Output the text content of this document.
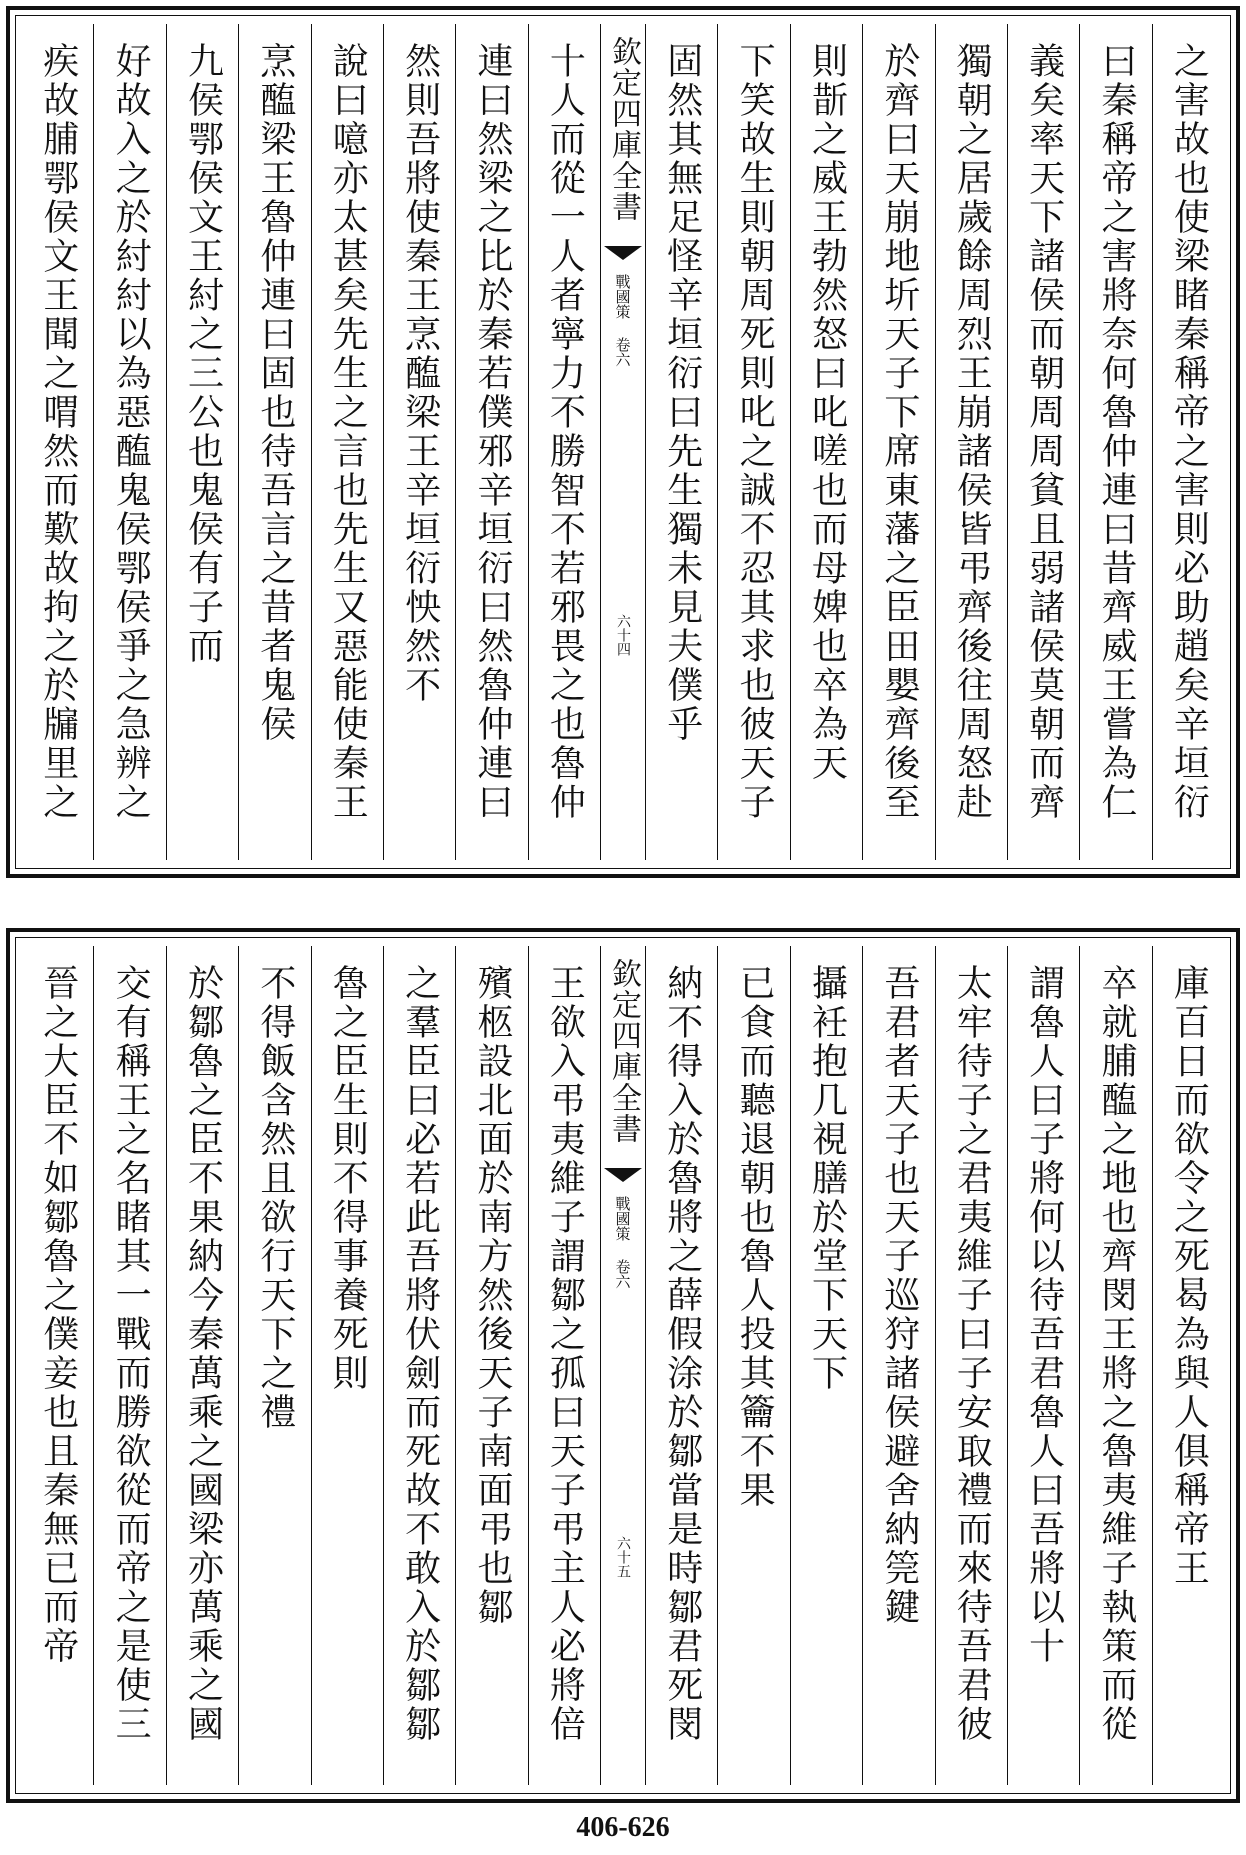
之害故也使梁睹秦稱帝之害則必助趙矣辛垣衍
曰秦稱帝之害將奈何魯仲連曰昔齊威王嘗為仁
義矣率天下諸侯而朝周周貧且弱諸侯莫朝而齊
獨朝之居歲餘周烈王崩諸侯皆弔齊後往周怒赴
於齊曰天崩地圻天子下席東藩之臣田嬰齊後至
則斮之威王勃然怒曰叱嗟也而母婢也卒為天
下笑故生則朝周死則叱之誠不忍其求也彼天子
固然其無足怪辛垣衍曰先生獨未見夫僕乎
欽定四庫全書
戰國策 卷六
六十四
十人而從一人者寧力不勝智不若邪畏之也魯仲
連曰然梁之比於秦若僕邪辛垣衍曰然魯仲連曰
然則吾將使秦王烹醢梁王辛垣衍怏然不
說曰噫亦太甚矣先生之言也先生又惡能使秦王
烹醢梁王魯仲連曰固也待吾言之昔者鬼侯
九侯鄂侯文王紂之三公也鬼侯有子而
好故入之於紂紂以為惡醢鬼侯鄂侯爭之急辨之
疾故脯鄂侯文王聞之喟然而歎故拘之於牖里之
庫百日而欲令之死曷為與人俱稱帝王
卒就脯醢之地也齊閔王將之魯夷維子執策而從
謂魯人曰子將何以待吾君魯人曰吾將以十
太牢待子之君夷維子曰子安取禮而來待吾君彼
吾君者天子也天子巡狩諸侯避舍納筦鍵
攝衽抱几視膳於堂下天下
已食而聽退朝也魯人投其籥不果
納不得入於魯將之薛假涂於鄒當是時鄒君死閔
欽定四庫全書
戰國策 卷六
六十五
王欲入弔夷維子謂鄒之孤曰天子弔主人必將倍
殯柩設北面於南方然後天子南面弔也鄒
之羣臣曰必若此吾將伏劍而死故不敢入於鄒鄒
魯之臣生則不得事養死則
不得飯含然且欲行天下之禮
於鄒魯之臣不果納今秦萬乘之國梁亦萬乘之國
交有稱王之名睹其一戰而勝欲從而帝之是使三
晉之大臣不如鄒魯之僕妾也且秦無已而帝
406-626
